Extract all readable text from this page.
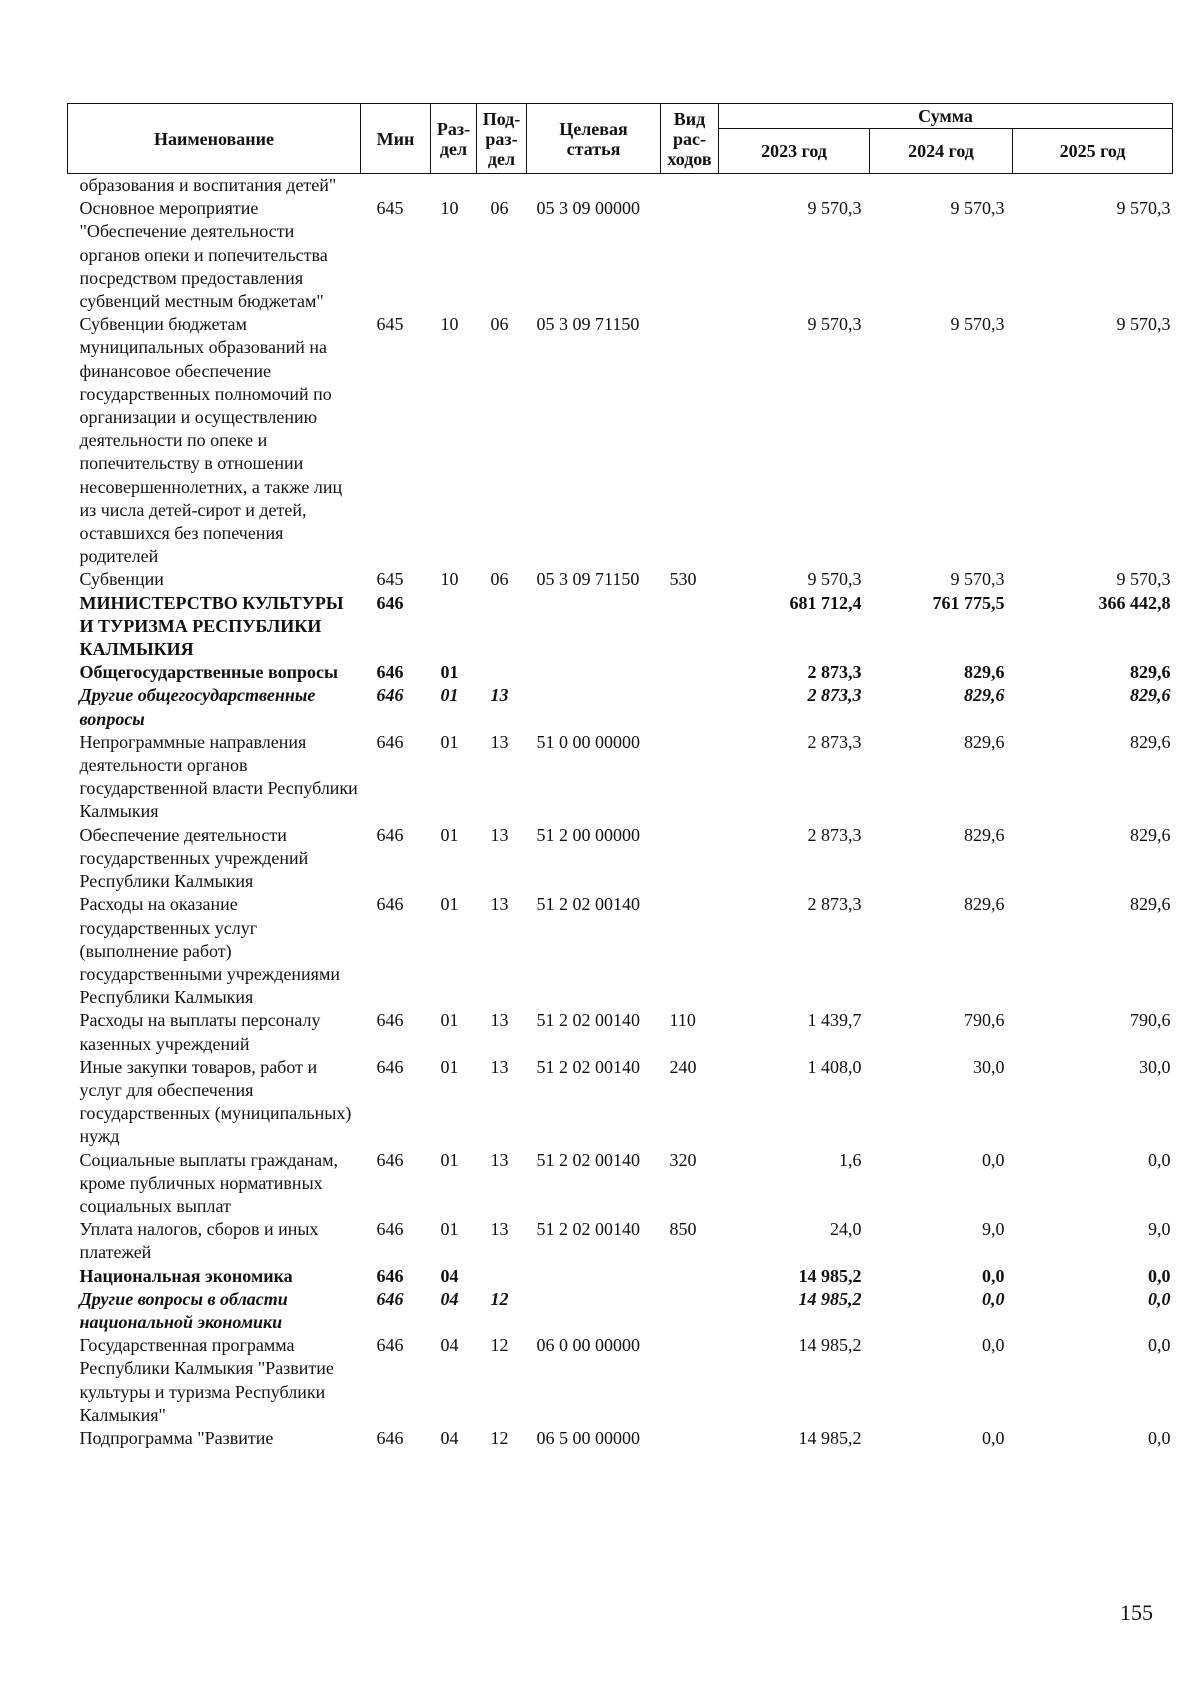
Наименование	Мин	Раз-
дел	Под-
раз-
дел	Целевая
статья	Вид
рас-
ходов	Сумма		
						2023 год	2024 год	2025 год
образования и воспитания детей"								
Основное мероприятие "Обеспечение деятельности органов опеки и попечительства посредством предоставления субвенций местным бюджетам"	645	10	06	05 3 09 00000		9 570,3	9 570,3	9 570,3
Субвенции бюджетам муниципальных образований на финансовое обеспечение государственных полномочий по организации и осуществлению деятельности по опеке и попечительству в отношении несовершеннолетних, а также лиц из числа детей-сирот и детей, оставшихся без попечения родителей	645	10	06	05 3 09 71150		9 570,3	9 570,3	9 570,3
Субвенции	645	10	06	05 3 09 71150	530	9 570,3	9 570,3	9 570,3
МИНИСТЕРСТВО КУЛЬТУРЫ И ТУРИЗМА РЕСПУБЛИКИ КАЛМЫКИЯ	646					681 712,4	761 775,5	366 442,8
Общегосударственные вопросы	646	01				2 873,3	829,6	829,6
Другие общегосударственные вопросы	646	01	13			2 873,3	829,6	829,6
Непрограммные направления деятельности органов государственной власти Республики Калмыкия	646	01	13	51 0 00 00000		2 873,3	829,6	829,6
Обеспечение деятельности государственных учреждений Республики Калмыкия	646	01	13	51 2 00 00000		2 873,3	829,6	829,6
Расходы на оказание государственных услуг (выполнение работ) государственными учреждениями Республики Калмыкия	646	01	13	51 2 02 00140		2 873,3	829,6	829,6
Расходы на выплаты персоналу казенных учреждений	646	01	13	51 2 02 00140	110	1 439,7	790,6	790,6
Иные закупки товаров, работ и услуг для обеспечения государственных (муниципальных) нужд	646	01	13	51 2 02 00140	240	1 408,0	30,0	30,0
Социальные выплаты гражданам, кроме публичных нормативных социальных выплат	646	01	13	51 2 02 00140	320	1,6	0,0	0,0
Уплата налогов, сборов и иных платежей	646	01	13	51 2 02 00140	850	24,0	9,0	9,0
Национальная экономика	646	04				14 985,2	0,0	0,0
Другие вопросы в области национальной экономики	646	04	12			14 985,2	0,0	0,0
Государственная программа Республики Калмыкия "Развитие культуры и туризма Республики Калмыкия"	646	04	12	06 0 00 00000		14 985,2	0,0	0,0
Подпрограмма "Развитие	646	04	12	06 5 00 00000		14 985,2	0,0	0,0
155
